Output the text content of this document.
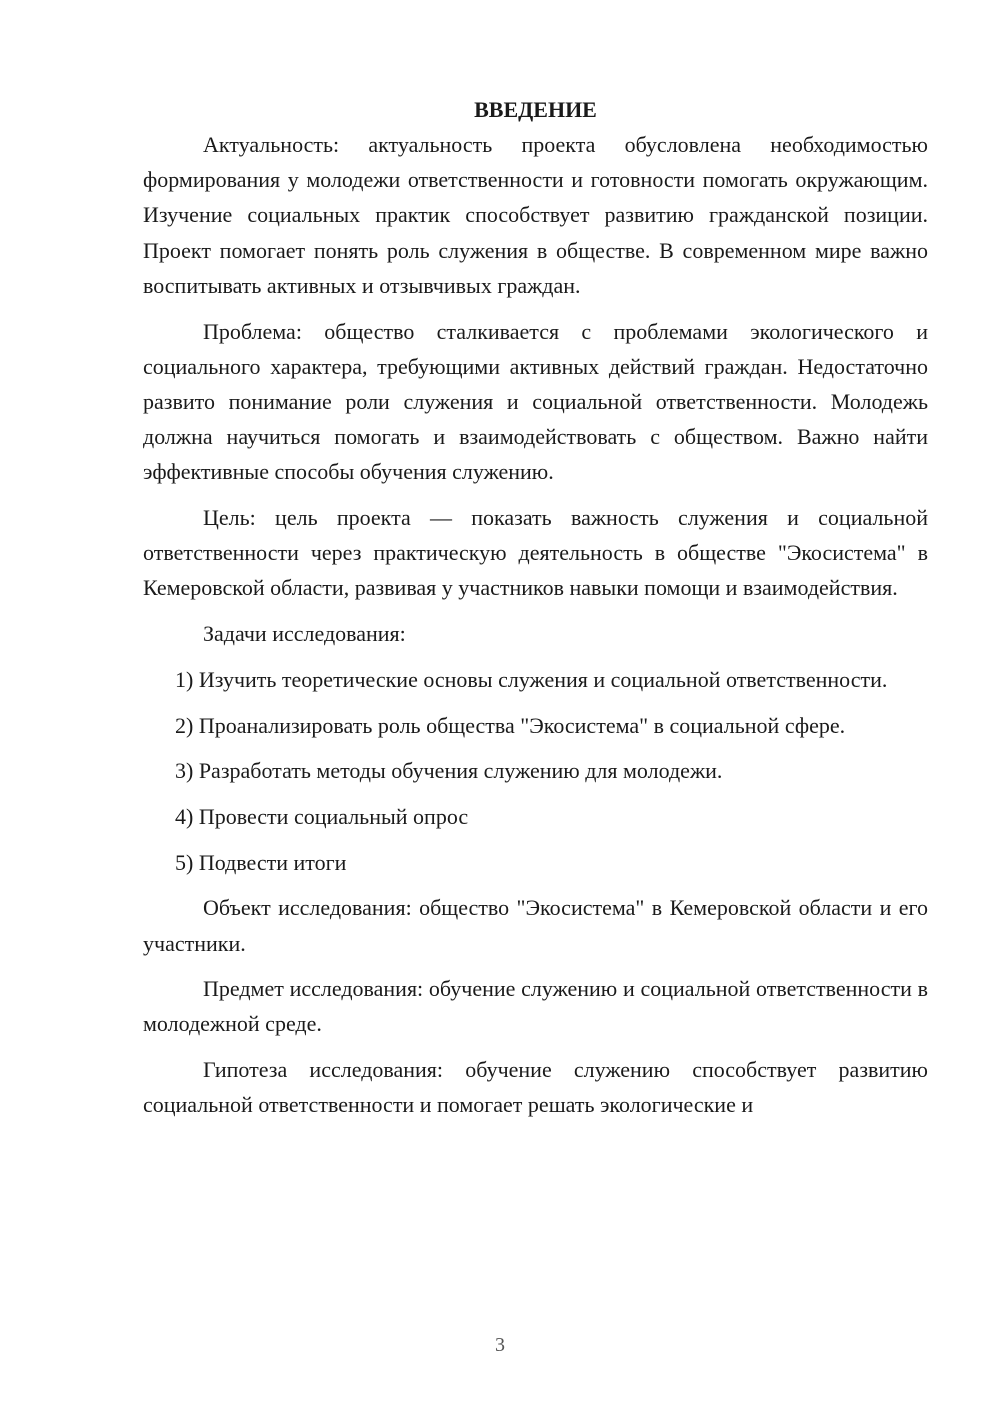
ВВЕДЕНИЕ

Актуальность: актуальность проекта обусловлена необходимостью формирования у молодежи ответственности и готовности помогать окружающим. Изучение социальных практик способствует развитию гражданской позиции. Проект помогает понять роль служения в обществе. В современном мире важно воспитывать активных и отзывчивых граждан.

Проблема: общество сталкивается с проблемами экологического и социального характера, требующими активных действий граждан. Недостаточно развито понимание роли служения и социальной ответственности. Молодежь должна научиться помогать и взаимодействовать с обществом. Важно найти эффективные способы обучения служению.

Цель: цель проекта — показать важность служения и социальной ответственности через практическую деятельность в обществе "Экосистема" в Кемеровской области, развивая у участников навыки помощи и взаимодействия.

Задачи исследования:

1) Изучить теоретические основы служения и социальной ответственности.

2) Проанализировать роль общества "Экосистема" в социальной сфере.

3) Разработать методы обучения служению для молодежи.

4) Провести социальный опрос

5) Подвести итоги

Объект исследования: общество "Экосистема" в Кемеровской области и его участники.

Предмет исследования: обучение служению и социальной ответственности в молодежной среде.

Гипотеза исследования: обучение служению способствует развитию социальной ответственности и помогает решать экологические и

3
